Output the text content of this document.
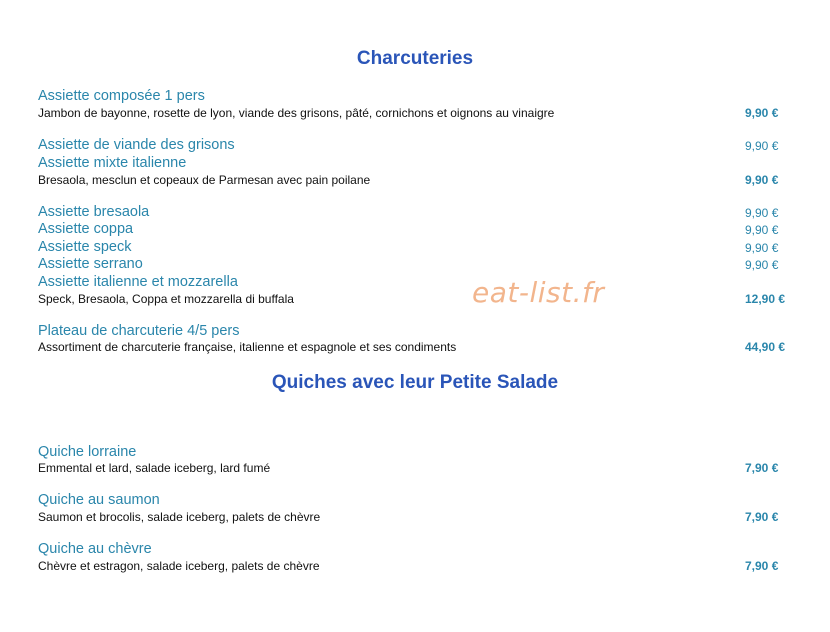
Charcuteries
Assiette composée 1 pers
Jambon de bayonne, rosette de lyon, viande des grisons, pâté, cornichons et oignons au vinaigre	9,90 €
Assiette de viande des grisons	9,90 €
Assiette mixte italienne
Bresaola, mesclun et copeaux de Parmesan avec pain poilane	9,90 €
Assiette bresaola	9,90 €
Assiette coppa	9,90 €
Assiette speck	9,90 €
Assiette serrano	9,90 €
Assiette italienne et mozzarella
Speck, Bresaola, Coppa et mozzarella di buffala	12,90 €
Plateau de charcuterie 4/5 pers
Assortiment de charcuterie française, italienne et espagnole et ses condiments	44,90 €
Quiches avec leur Petite Salade
Quiche lorraine
Emmental et lard, salade iceberg, lard fumé	7,90 €
Quiche au saumon
Saumon et brocolis, salade iceberg, palets de chèvre	7,90 €
Quiche au chèvre
Chèvre et estragon, salade iceberg, palets de chèvre	7,90 €
eat-list.fr
